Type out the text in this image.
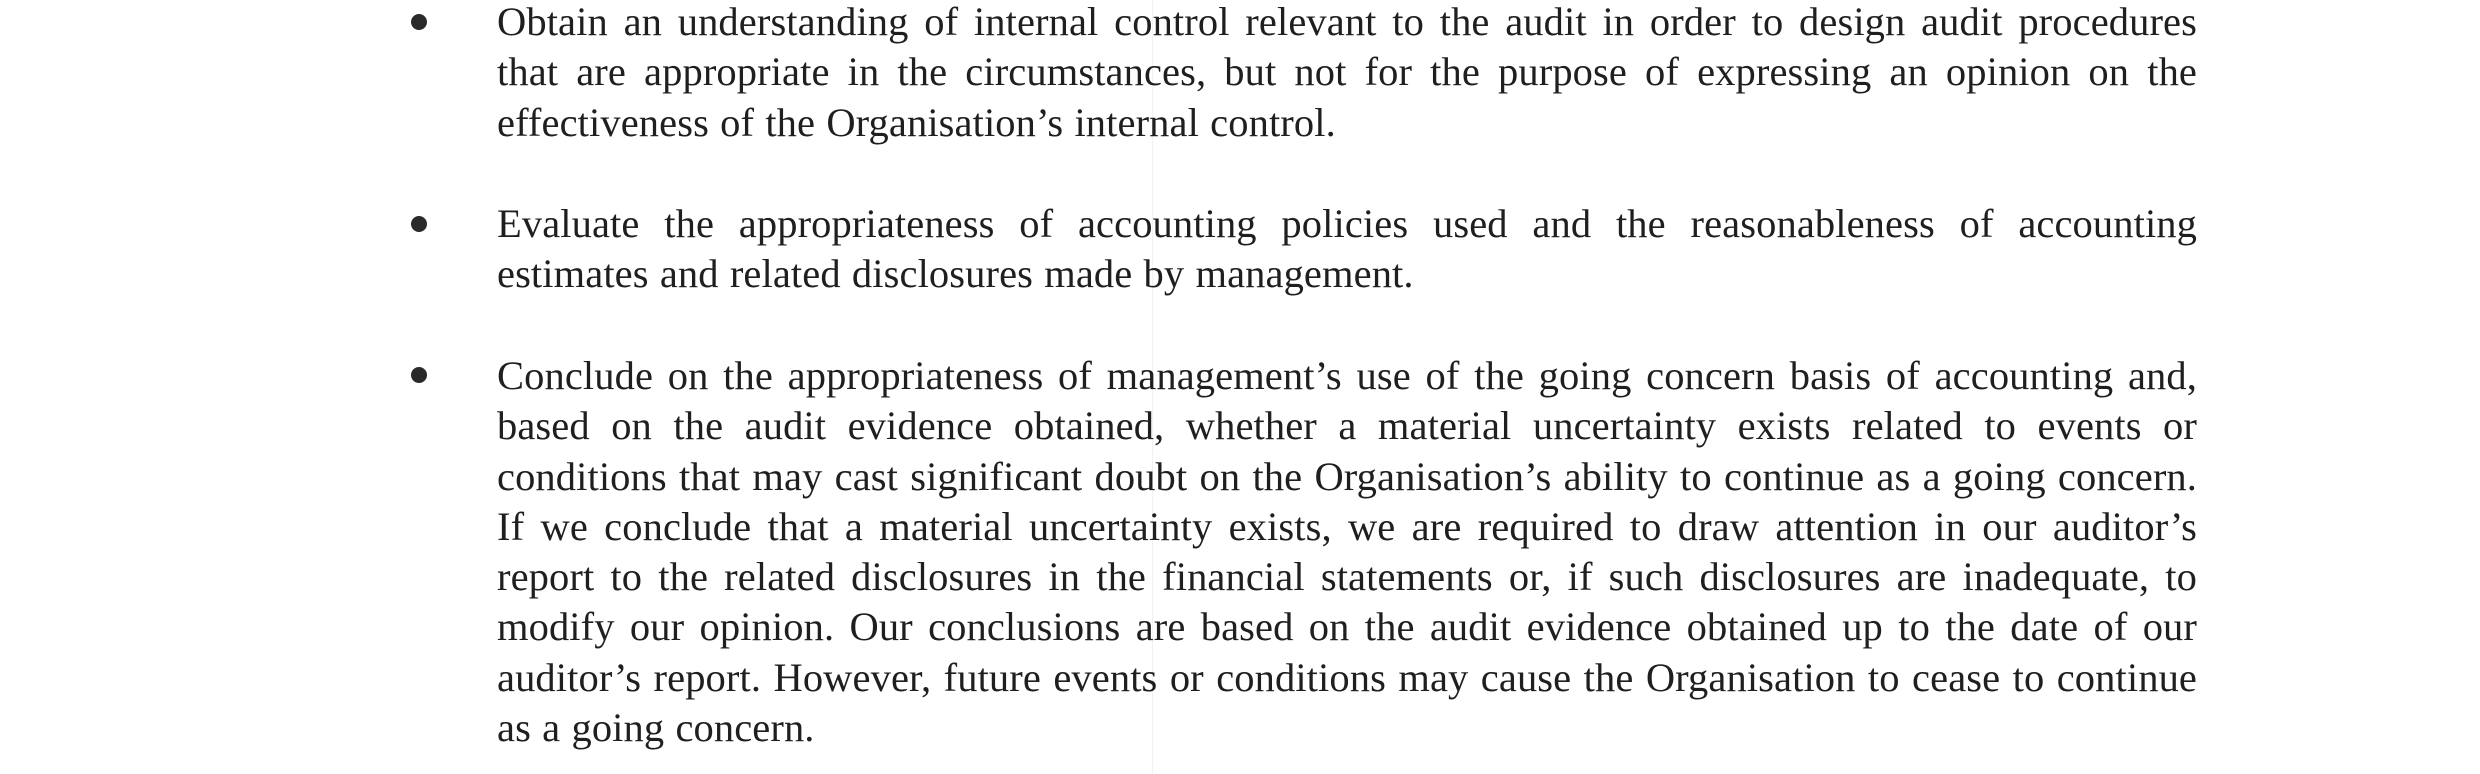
Obtain an understanding of internal control relevant to the audit in order to design audit procedures that are appropriate in the circumstances, but not for the purpose of expressing an opinion on the effectiveness of the Organisation’s internal control.

Evaluate the appropriateness of accounting policies used and the reasonableness of accounting estimates and related disclosures made by management.

Conclude on the appropriateness of management’s use of the going concern basis of accounting and, based on the audit evidence obtained, whether a material uncertainty exists related to events or conditions that may cast significant doubt on the Organisation’s ability to continue as a going concern. If we conclude that a material uncertainty exists, we are required to draw attention in our auditor’s report to the related disclosures in the financial statements or, if such disclosures are inadequate, to modify our opinion. Our conclusions are based on the audit evidence obtained up to the date of our auditor’s report. However, future events or conditions may cause the Organisation to cease to continue as a going concern.
